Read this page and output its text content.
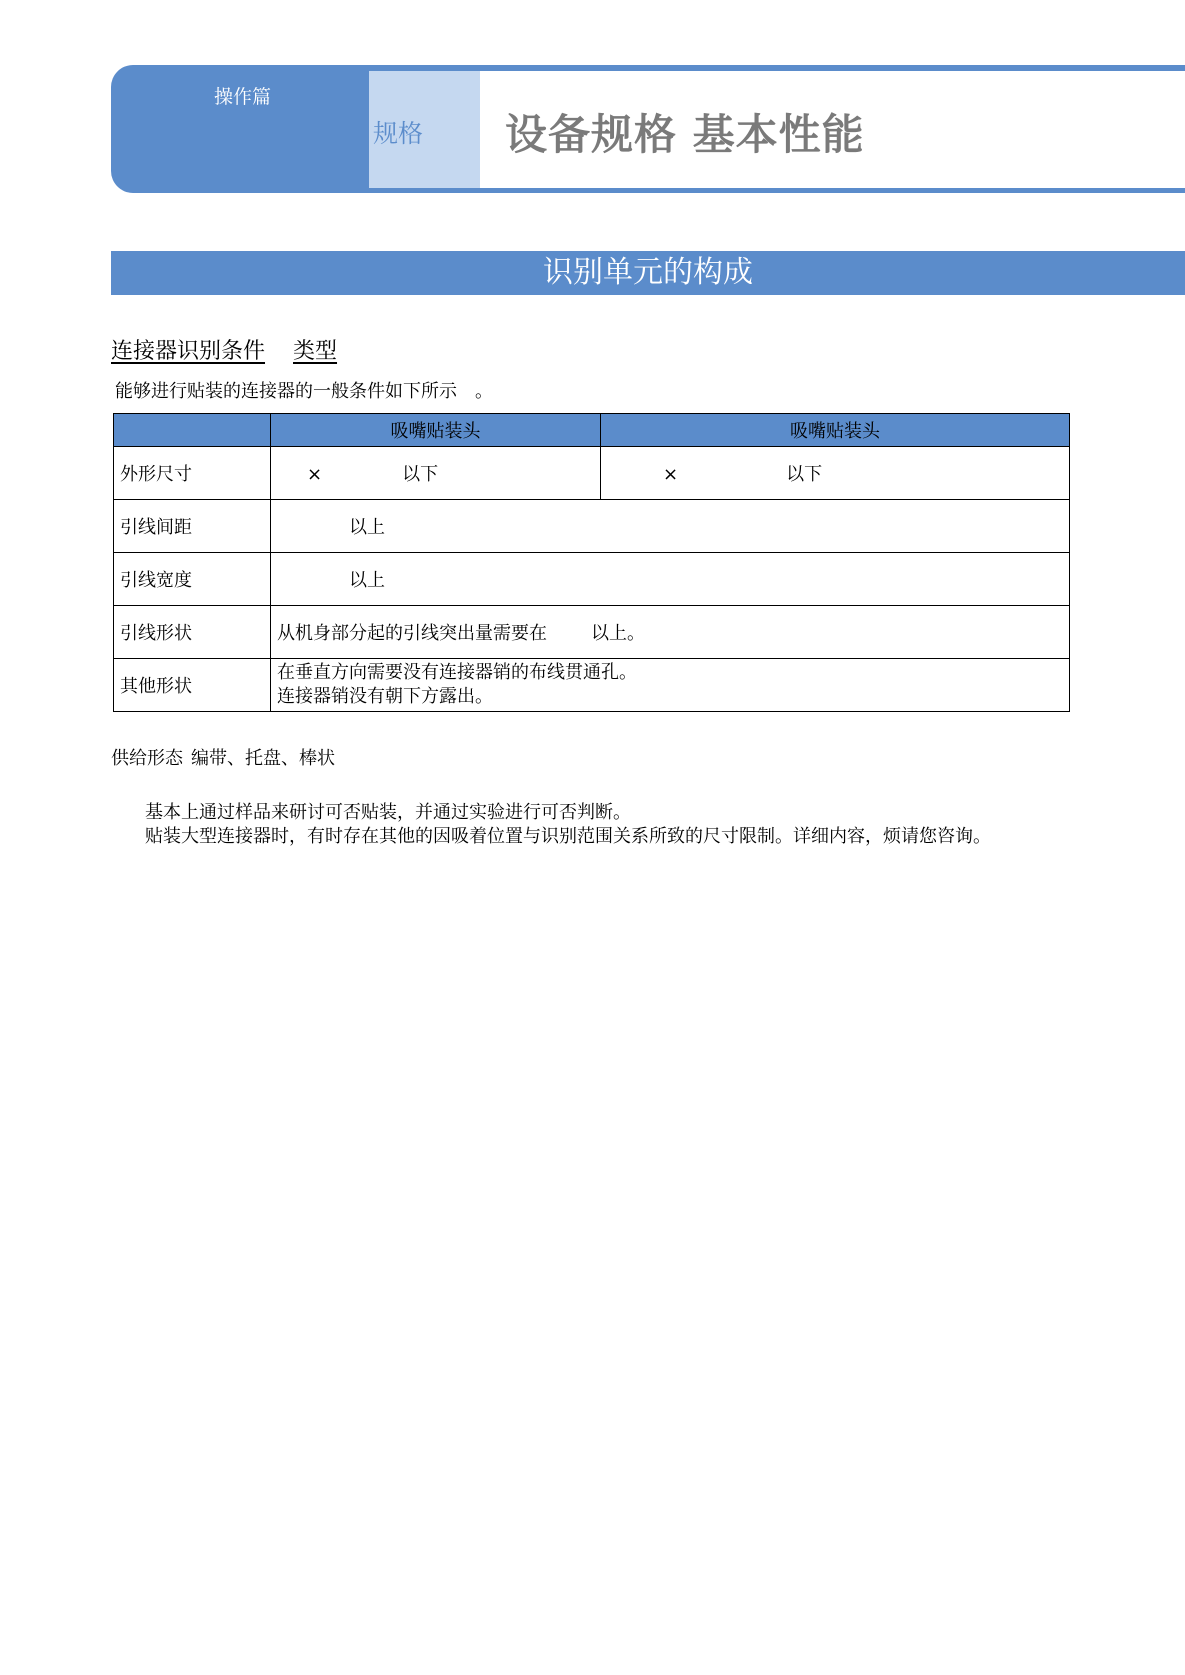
操作篇
规格 设备规格 基本性能
识别单元的构成
连接器识别条件 类型
能够进行贴装的连接器的一般条件如下所示 。
	吸嘴贴装头	吸嘴贴装头
外形尺寸	× 以下	× 以下
引线间距	以上	
引线宽度	以上	
引线形状	从机身部分起的引线突出量需要在 以上。	
其他形状	在垂直方向需要没有连接器销的布线贯通孔。
连接器销没有朝下方露出。	
供给形态 编带、托盘、棒状
基本上通过样品来研讨可否贴装，并通过实验进行可否判断。
贴装大型连接器时，有时存在其他的因吸着位置与识别范围关系所致的尺寸限制。详细内容，烦请您咨询。
